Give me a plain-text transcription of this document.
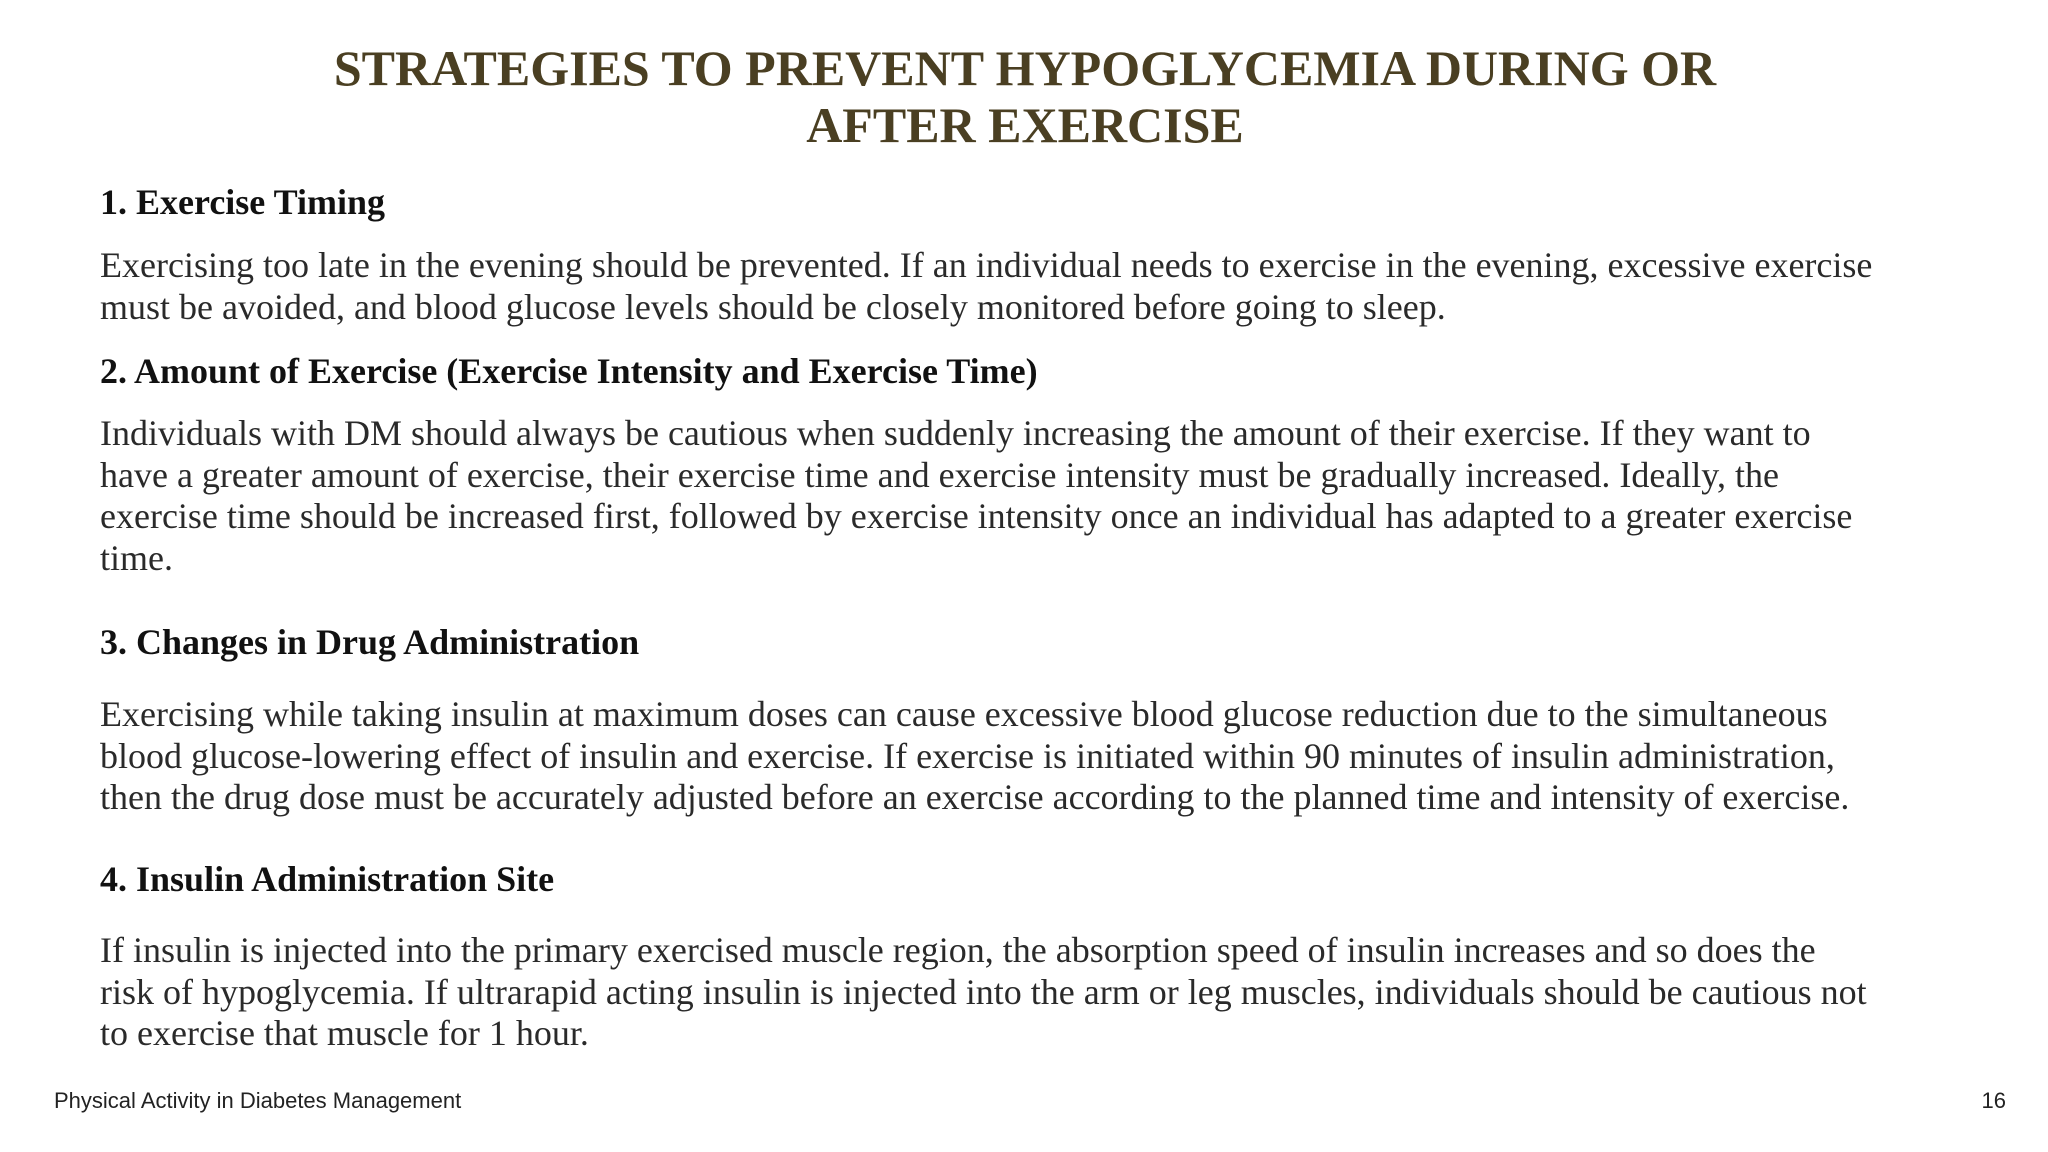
STRATEGIES TO PREVENT HYPOGLYCEMIA DURING OR
AFTER EXERCISE
1. Exercise Timing
Exercising too late in the evening should be prevented. If an individual needs to exercise in the evening, excessive exercise
must be avoided, and blood glucose levels should be closely monitored before going to sleep.
2. Amount of Exercise (Exercise Intensity and Exercise Time)
Individuals with DM should always be cautious when suddenly increasing the amount of their exercise. If they want to
have a greater amount of exercise, their exercise time and exercise intensity must be gradually increased. Ideally, the
exercise time should be increased first, followed by exercise intensity once an individual has adapted to a greater exercise
time.
3. Changes in Drug Administration
Exercising while taking insulin at maximum doses can cause excessive blood glucose reduction due to the simultaneous
blood glucose-lowering effect of insulin and exercise. If exercise is initiated within 90 minutes of insulin administration,
then the drug dose must be accurately adjusted before an exercise according to the planned time and intensity of exercise.
4. Insulin Administration Site
If insulin is injected into the primary exercised muscle region, the absorption speed of insulin increases and so does the
risk of hypoglycemia. If ultrarapid acting insulin is injected into the arm or leg muscles, individuals should be cautious not
to exercise that muscle for 1 hour.
Physical Activity in Diabetes Management	16
